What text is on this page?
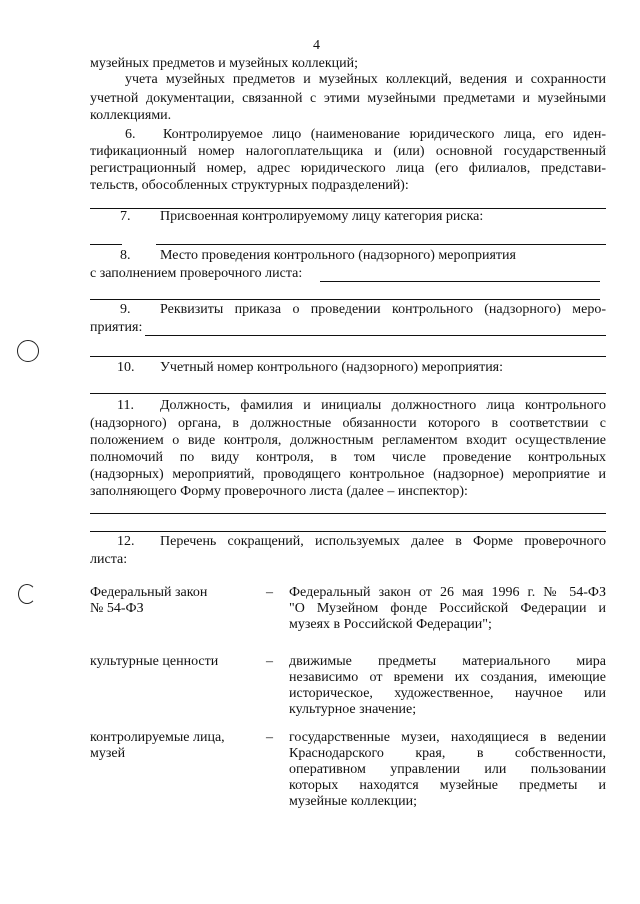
4
музейных предметов и музейных коллекций;
учета музейных предметов и музейных коллекций, ведения и сохранности
учетной документации, связанной с этими музейными предметами и музейными
коллекциями.
6. Контролируемое лицо (наименование юридического лица, его иден-
тификационный номер налогоплательщика и (или) основной государственный
регистрационный номер, адрес юридического лица (его филиалов, представи-
тельств, обособленных структурных подразделений):
7. Присвоенная контролируемому лицу категория риска:
8. Место проведения контрольного (надзорного) мероприятия
с заполнением проверочного листа:
9. Реквизиты приказа о проведении контрольного (надзорного) меро-
приятия:
10. Учетный номер контрольного (надзорного) мероприятия:
11. Должность, фамилия и инициалы должностного лица контрольного
(надзорного) органа, в должностные обязанности которого в соответствии с
положением о виде контроля, должностным регламентом входит осуществление
полномочий по виду контроля, в том числе проведение контрольных
(надзорных) мероприятий, проводящего контрольное (надзорное) мероприятие и
заполняющего Форму проверочного листа (далее – инспектор):
12. Перечень сокращений, используемых далее в Форме проверочного
листа:
Федеральный закон
№ 54-ФЗ
– Федеральный закон от 26 мая 1996 г. № 54-ФЗ
"О Музейном фонде Российской Федерации и
музеях в Российской Федерации";
культурные ценности	– движимые предметы материального мира
независимо от времени их создания, имеющие
историческое, художественное, научное или
культурное значение;
контролируемые лица,
музей
– государственные музеи, находящиеся в ведении
Краснодарского края, в собственности,
оперативном управлении или пользовании
которых находятся музейные предметы и
музейные коллекции;
